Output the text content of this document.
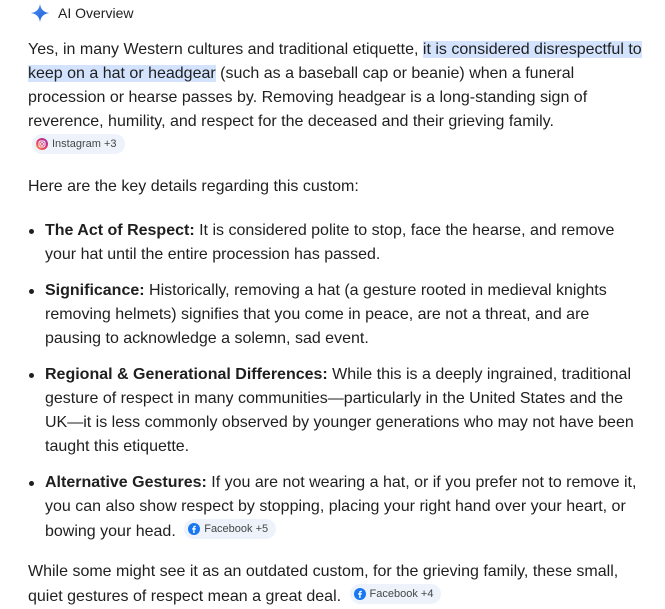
AI Overview

Yes, in many Western cultures and traditional etiquette, it is considered disrespectful to keep on a hat or headgear (such as a baseball cap or beanie) when a funeral procession or hearse passes by. Removing headgear is a long-standing sign of reverence, humility, and respect for the deceased and their grieving family.
Instagram +3

Here are the key details regarding this custom:

The Act of Respect: It is considered polite to stop, face the hearse, and remove your hat until the entire procession has passed.
Significance: Historically, removing a hat (a gesture rooted in medieval knights removing helmets) signifies that you come in peace, are not a threat, and are pausing to acknowledge a solemn, sad event.
Regional & Generational Differences: While this is a deeply ingrained, traditional gesture of respect in many communities—particularly in the United States and the UK—it is less commonly observed by younger generations who may not have been taught this etiquette.
Alternative Gestures: If you are not wearing a hat, or if you prefer not to remove it, you can also show respect by stopping, placing your right hand over your heart, or bowing your head.	Facebook +5

While some might see it as an outdated custom, for the grieving family, these small, quiet gestures of respect mean a great deal.	Facebook +4
